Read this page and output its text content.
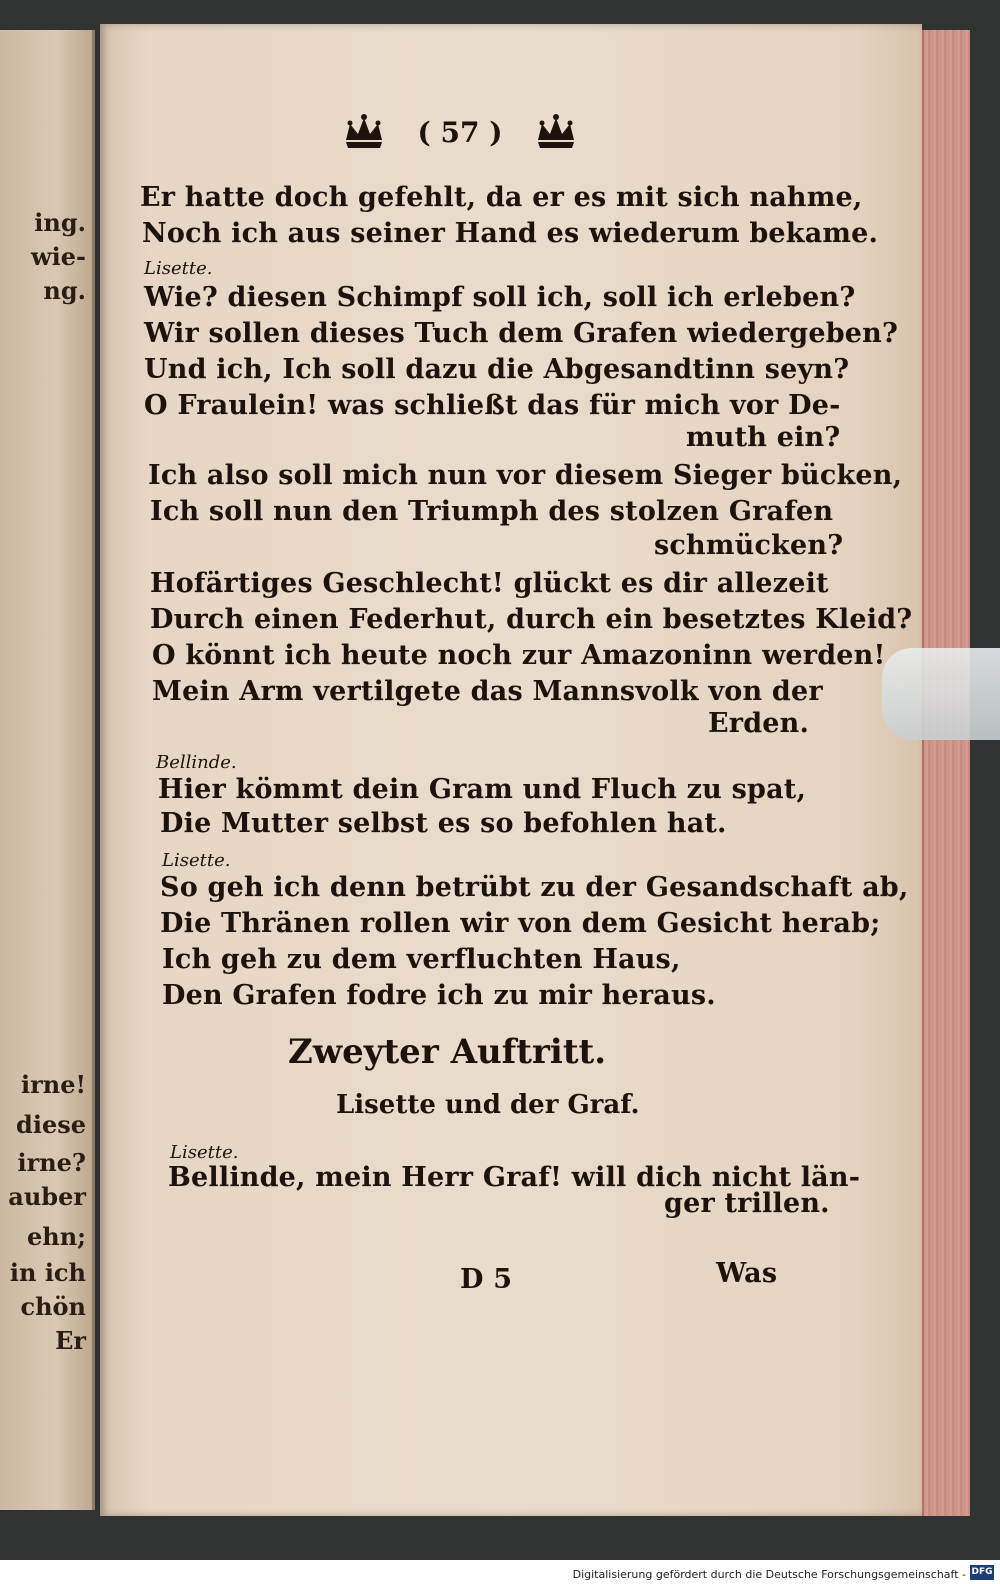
ing.
wie-
ng.
irne!
diese
irne?
auber
ehn;
in ich
chön
Er
( 57 )
Er hatte doch gefehlt, da er es mit sich nahme,
Noch ich aus seiner Hand es wiederum bekame.
Lisette.
Wie? diesen Schimpf soll ich, soll ich erleben?
Wir sollen dieses Tuch dem Grafen wiedergeben?
Und ich, Ich soll dazu die Abgesandtinn seyn?
O Fraulein! was schließt das für mich vor De-
muth ein?
Ich also soll mich nun vor diesem Sieger bücken,
Ich soll nun den Triumph des stolzen Grafen
schmücken?
Hofärtiges Geschlecht! glückt es dir allezeit
Durch einen Federhut, durch ein besetztes Kleid?
O könnt ich heute noch zur Amazoninn werden!
Mein Arm vertilgete das Mannsvolk von der
Erden.
Bellinde.
Hier kömmt dein Gram und Fluch zu spat,
Die Mutter selbst es so befohlen hat.
Lisette.
So geh ich denn betrübt zu der Gesandschaft ab,
Die Thränen rollen wir von dem Gesicht herab;
Ich geh zu dem verfluchten Haus,
Den Grafen fodre ich zu mir heraus.
Zweyter Auftritt.
Lisette und der Graf.
Lisette.
Bellinde, mein Herr Graf! will dich nicht län-
ger trillen.
D 5	Was
Digitalisierung gefördert durch die Deutsche Forschungsgemeinschaft - DFG
